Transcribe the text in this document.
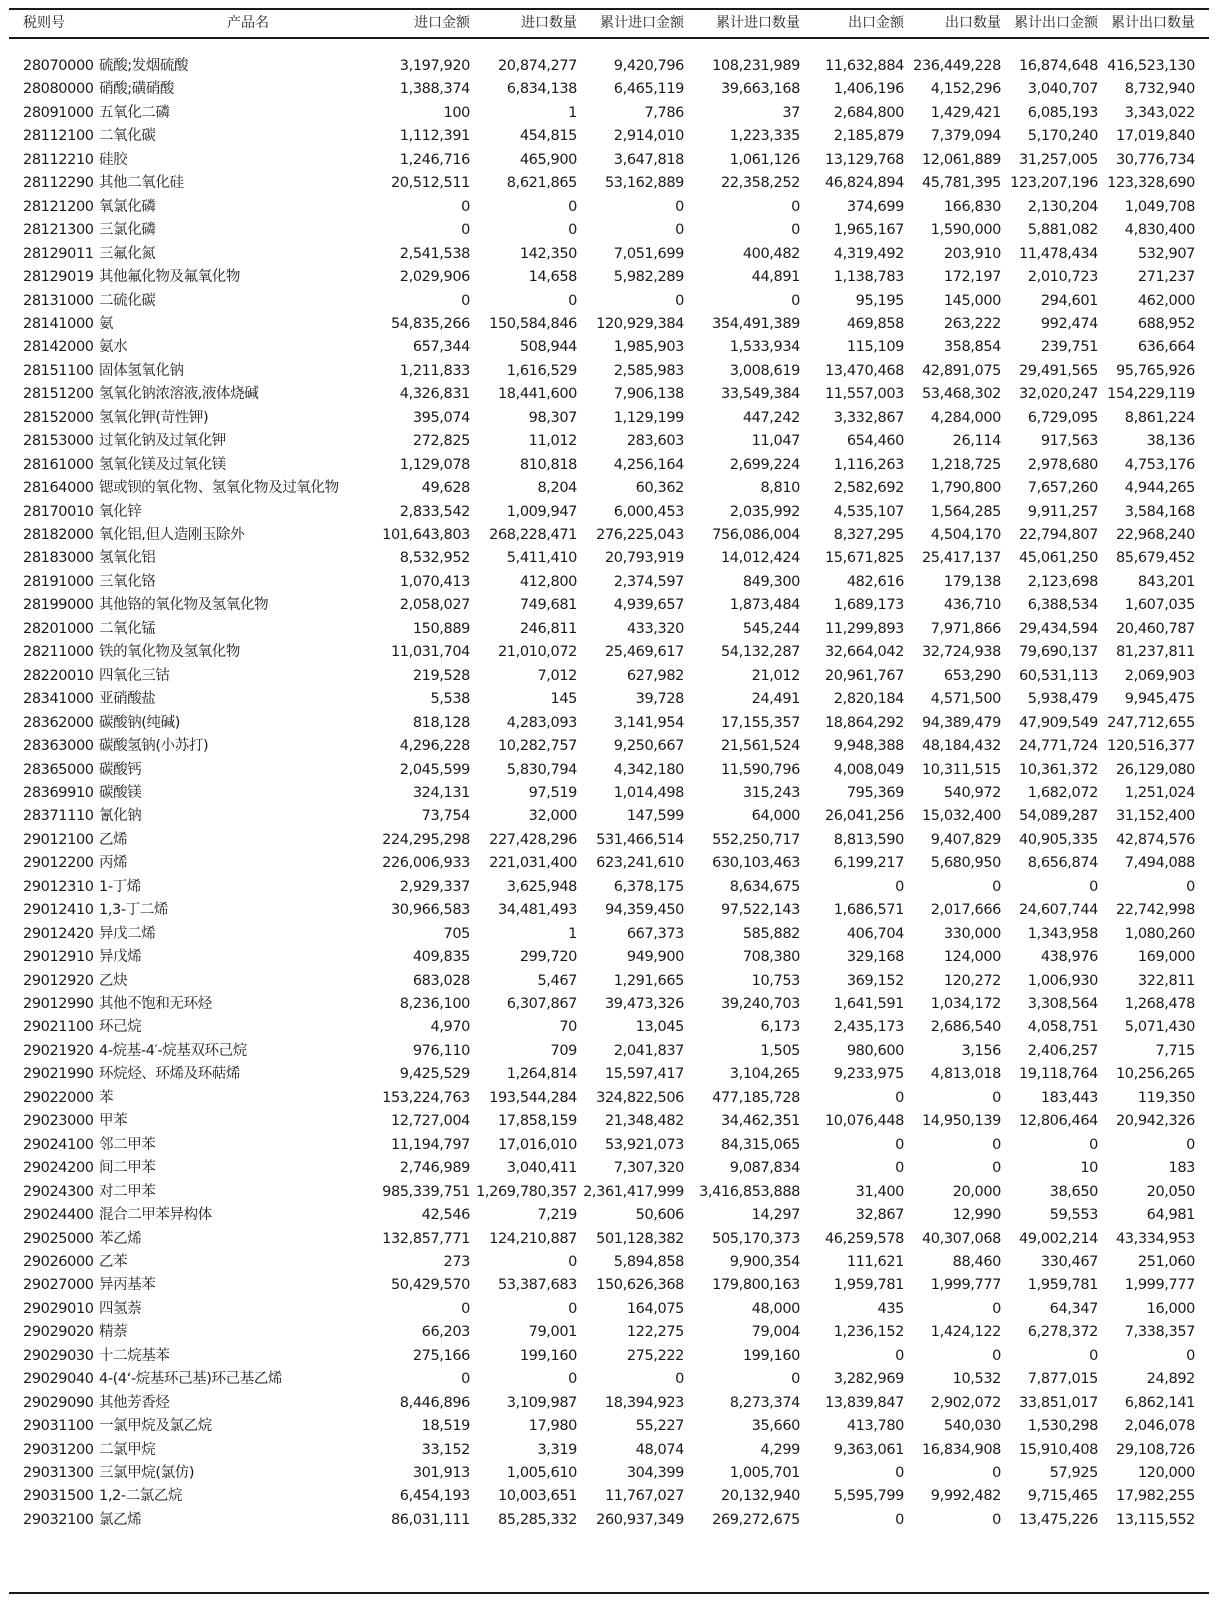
税则号	产品名	进口金额	进口数量 累计进口金额 累计进口数量	出口金额	出口数量 累计出口金额 累计出口数量
28070000 硫酸;发烟硫酸	3,197,920 20,874,277	9,420,796 108,231,989 11,632,884 236,449,228 16,874,648 416,523,130
28080000 硝酸;磺硝酸	1,388,374	6,834,138	6,465,119	39,663,168 1,406,196 4,152,296 3,040,707 8,732,940
28091000 五氧化二磷	100	1	7,786	37 2,684,800 1,429,421 6,085,193 3,343,022
28112100 二氧化碳	1,112,391	454,815	2,914,010	1,223,335 2,185,879 7,379,094 5,170,240 17,019,840
28112210 硅胶	1,246,716	465,900	3,647,818	1,061,126 13,129,768 12,061,889 31,257,005 30,776,734
28112290 其他二氧化硅	20,512,511	8,621,865 53,162,889	22,358,252 46,824,894 45,781,395 123,207,196 123,328,690
28121200 氧氯化磷	0	0	0	0	374,699	166,830 2,130,204 1,049,708
28121300 三氯化磷	0	0	0	0 1,965,167 1,590,000 5,881,082 4,830,400
28129011 三氟化氮	2,541,538	142,350	7,051,699	400,482 4,319,492	203,910 11,478,434	532,907
28129019 其他氟化物及氟氧化物	2,029,906	14,658	5,982,289	44,891 1,138,783	172,197 2,010,723	271,237
28131000 二硫化碳	0	0	0	0	95,195	145,000	294,601	462,000
28141000 氨	54,835,266 150,584,846 120,929,384 354,491,389	469,858	263,222	992,474	688,952
28142000 氨水	657,344	508,944	1,985,903	1,533,934	115,109	358,854	239,751	636,664
28151100 固体氢氧化钠	1,211,833	1,616,529	2,585,983	3,008,619 13,470,468 42,891,075 29,491,565 95,765,926
28151200 氢氧化钠浓溶液,液体烧碱	4,326,831 18,441,600	7,906,138	33,549,384 11,557,003 53,468,302 32,020,247 154,229,119
28152000 氢氧化钾(苛性钾)	395,074	98,307	1,129,199	447,242 3,332,867 4,284,000 6,729,095 8,861,224
28153000 过氧化钠及过氧化钾	272,825	11,012	283,603	11,047	654,460	26,114	917,563	38,136
28161000 氢氧化镁及过氧化镁	1,129,078	810,818	4,256,164	2,699,224 1,116,263 1,218,725 2,978,680 4,753,176
28164000 锶或钡的氧化物、氢氧化物及过氧化物	49,628	8,204	60,362	8,810 2,582,692 1,790,800 7,657,260 4,944,265
28170010 氧化锌	2,833,542	1,009,947	6,000,453	2,035,992 4,535,107 1,564,285 9,911,257 3,584,168
28182000 氧化铝,但人造刚玉除外	101,643,803 268,228,471 276,225,043 756,086,004 8,327,295 4,504,170 22,794,807 22,968,240
28183000 氢氧化铝	8,532,952	5,411,410 20,793,919	14,012,424 15,671,825 25,417,137 45,061,250 85,679,452
28191000 三氧化铬	1,070,413	412,800	2,374,597	849,300	482,616	179,138 2,123,698	843,201
28199000 其他铬的氧化物及氢氧化物	2,058,027	749,681	4,939,657	1,873,484 1,689,173	436,710 6,388,534 1,607,035
28201000 二氧化锰	150,889	246,811	433,320	545,244 11,299,893 7,971,866 29,434,594 20,460,787
28211000 铁的氧化物及氢氧化物	11,031,704 21,010,072 25,469,617	54,132,287 32,664,042 32,724,938 79,690,137 81,237,811
28220010 四氧化三钴	219,528	7,012	627,982	21,012 20,961,767	653,290 60,531,113 2,069,903
28341000 亚硝酸盐	5,538	145	39,728	24,491 2,820,184 4,571,500 5,938,479 9,945,475
28362000 碳酸钠(纯碱)	818,128	4,283,093	3,141,954	17,155,357 18,864,292 94,389,479 47,909,549 247,712,655
28363000 碳酸氢钠(小苏打)	4,296,228 10,282,757	9,250,667	21,561,524 9,948,388 48,184,432 24,771,724 120,516,377
28365000 碳酸钙	2,045,599	5,830,794	4,342,180	11,590,796 4,008,049 10,311,515 10,361,372 26,129,080
28369910 碳酸镁	324,131	97,519	1,014,498	315,243	795,369	540,972 1,682,072 1,251,024
28371110 氰化钠	73,754	32,000	147,599	64,000 26,041,256 15,032,400 54,089,287 31,152,400
29012100 乙烯	224,295,298 227,428,296 531,466,514 552,250,717 8,813,590 9,407,829 40,905,335 42,874,576
29012200 丙烯	226,006,933 221,031,400 623,241,610 630,103,463 6,199,217 5,680,950 8,656,874 7,494,088
29012310 1-丁烯	2,929,337	3,625,948	6,378,175	8,634,675	0	0	0	0
29012410 1,3-丁二烯	30,966,583 34,481,493 94,359,450	97,522,143 1,686,571 2,017,666 24,607,744 22,742,998
29012420 异戊二烯	705	1	667,373	585,882	406,704	330,000 1,343,958 1,080,260
29012910 异戊烯	409,835	299,720	949,900	708,380	329,168	124,000	438,976	169,000
29012920 乙炔	683,028	5,467	1,291,665	10,753	369,152	120,272 1,006,930	322,811
29012990 其他不饱和无环烃	8,236,100	6,307,867 39,473,326	39,240,703 1,641,591 1,034,172 3,308,564 1,268,478
29021100 环己烷	4,970	70	13,045	6,173 2,435,173 2,686,540 4,058,751 5,071,430
29021920 4-烷基-4′-烷基双环己烷	976,110	709	2,041,837	1,505	980,600	3,156 2,406,257	7,715
29021990 环烷烃、环烯及环萜烯	9,425,529	1,264,814 15,597,417	3,104,265 9,233,975 4,813,018 19,118,764 10,256,265
29022000 苯	153,224,763 193,544,284 324,822,506 477,185,728	0	0	183,443	119,350
29023000 甲苯	12,727,004 17,858,159 21,348,482	34,462,351 10,076,448 14,950,139 12,806,464 20,942,326
29024100 邻二甲苯	11,194,797 17,016,010 53,921,073	84,315,065	0	0	0	0
29024200 间二甲苯	2,746,989	3,040,411	7,307,320	9,087,834	0	0	10	183
29024300 对二甲苯	985,339,751 1,269,780,357 2,361,417,999 3,416,853,888	31,400	20,000	38,650	20,050
29024400 混合二甲苯异构体	42,546	7,219	50,606	14,297	32,867	12,990	59,553	64,981
29025000 苯乙烯	132,857,771 124,210,887 501,128,382 505,170,373 46,259,578 40,307,068 49,002,214 43,334,953
29026000 乙苯	273	0	5,894,858	9,900,354	111,621	88,460	330,467	251,060
29027000 异丙基苯	50,429,570 53,387,683 150,626,368 179,800,163 1,959,781 1,999,777 1,959,781 1,999,777
29029010 四氢萘	0	0	164,075	48,000	435	0	64,347	16,000
29029020 精萘	66,203	79,001	122,275	79,004 1,236,152 1,424,122 6,278,372 7,338,357
29029030 十二烷基苯	275,166	199,160	275,222	199,160	0	0	0	0
29029040 4-(4‘-烷基环己基)环己基乙烯	0	0	0	0 3,282,969	10,532 7,877,015	24,892
29029090 其他芳香烃	8,446,896	3,109,987 18,394,923	8,273,374 13,839,847 2,902,072 33,851,017 6,862,141
29031100 一氯甲烷及氯乙烷	18,519	17,980	55,227	35,660	413,780	540,030 1,530,298 2,046,078
29031200 二氯甲烷	33,152	3,319	48,074	4,299 9,363,061 16,834,908 15,910,408 29,108,726
29031300 三氯甲烷(氯仿)	301,913	1,005,610	304,399	1,005,701	0	0	57,925	120,000
29031500 1,2-二氯乙烷	6,454,193 10,003,651 11,767,027	20,132,940 5,595,799 9,992,482 9,715,465 17,982,255
29032100 氯乙烯	86,031,111 85,285,332 260,937,349 269,272,675	0	0 13,475,226 13,115,552
